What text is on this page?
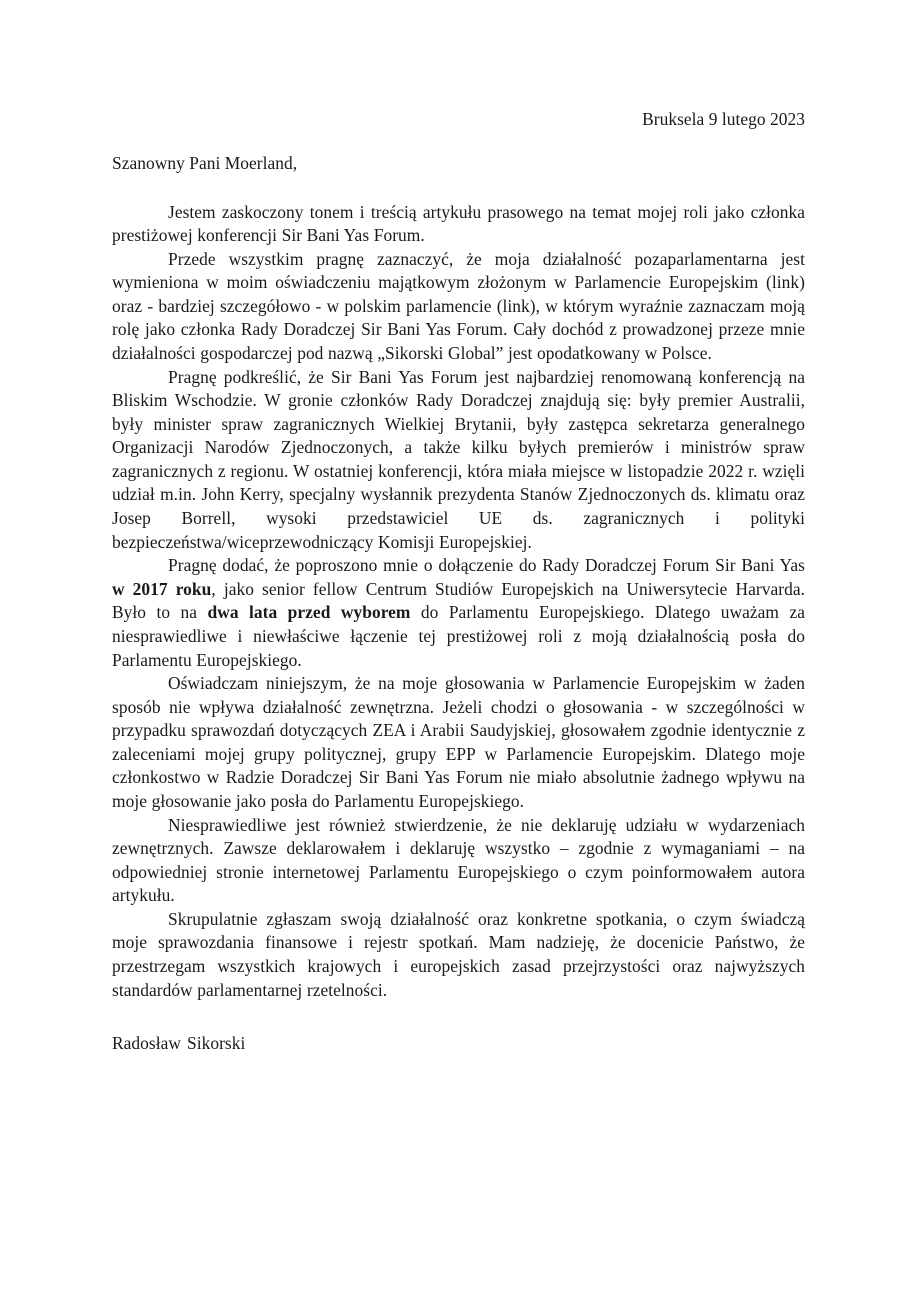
Bruksela 9 lutego 2023
Szanowny Pani Moerland,

Jestem zaskoczony tonem i treścią artykułu prasowego na temat mojej roli jako członka prestiżowej konferencji Sir Bani Yas Forum.

Przede wszystkim pragnę zaznaczyć, że moja działalność pozaparlamentarna jest wymieniona w moim oświadczeniu majątkowym złożonym w Parlamencie Europejskim (link) oraz - bardziej szczegółowo - w polskim parlamencie (link), w którym wyraźnie zaznaczam moją rolę jako członka Rady Doradczej Sir Bani Yas Forum. Cały dochód z prowadzonej przeze mnie działalności gospodarczej pod nazwą „Sikorski Global” jest opodatkowany w Polsce.

Pragnę podkreślić, że Sir Bani Yas Forum jest najbardziej renomowaną konferencją na Bliskim Wschodzie. W gronie członków Rady Doradczej znajdują się: były premier Australii, były minister spraw zagranicznych Wielkiej Brytanii, były zastępca sekretarza generalnego Organizacji Narodów Zjednoczonych, a także kilku byłych premierów i ministrów spraw zagranicznych z regionu. W ostatniej konferencji, która miała miejsce w listopadzie 2022 r. wzięli udział m.in. John Kerry, specjalny wysłannik prezydenta Stanów Zjednoczonych ds. klimatu oraz Josep Borrell, wysoki przedstawiciel UE ds. zagranicznych i polityki bezpieczeństwa/wiceprzewodniczący Komisji Europejskiej.

Pragnę dodać, że poproszono mnie o dołączenie do Rady Doradczej Forum Sir Bani Yas w 2017 roku, jako senior fellow Centrum Studiów Europejskich na Uniwersytecie Harvarda. Było to na dwa lata przed wyborem do Parlamentu Europejskiego. Dlatego uważam za niesprawiedliwe i niewłaściwe łączenie tej prestiżowej roli z moją działalnością posła do Parlamentu Europejskiego.

Oświadczam niniejszym, że na moje głosowania w Parlamencie Europejskim w żaden sposób nie wpływa działalność zewnętrzna. Jeżeli chodzi o głosowania - w szczególności w przypadku sprawozdań dotyczących ZEA i Arabii Saudyjskiej, głosowałem zgodnie identycznie z zaleceniami mojej grupy politycznej, grupy EPP w Parlamencie Europejskim. Dlatego moje członkostwo w Radzie Doradczej Sir Bani Yas Forum nie miało absolutnie żadnego wpływu na moje głosowanie jako posła do Parlamentu Europejskiego.

Niesprawiedliwe jest również stwierdzenie, że nie deklaruję udziału w wydarzeniach zewnętrznych. Zawsze deklarowałem i deklaruję wszystko – zgodnie z wymaganiami – na odpowiedniej stronie internetowej Parlamentu Europejskiego o czym poinformowałem autora artykułu.

Skrupulatnie zgłaszam swoją działalność oraz konkretne spotkania, o czym świadczą moje sprawozdania finansowe i rejestr spotkań. Mam nadzieję, że docenicie Państwo, że przestrzegam wszystkich krajowych i europejskich zasad przejrzystości oraz najwyższych standardów parlamentarnej rzetelności.

Radosław Sikorski
